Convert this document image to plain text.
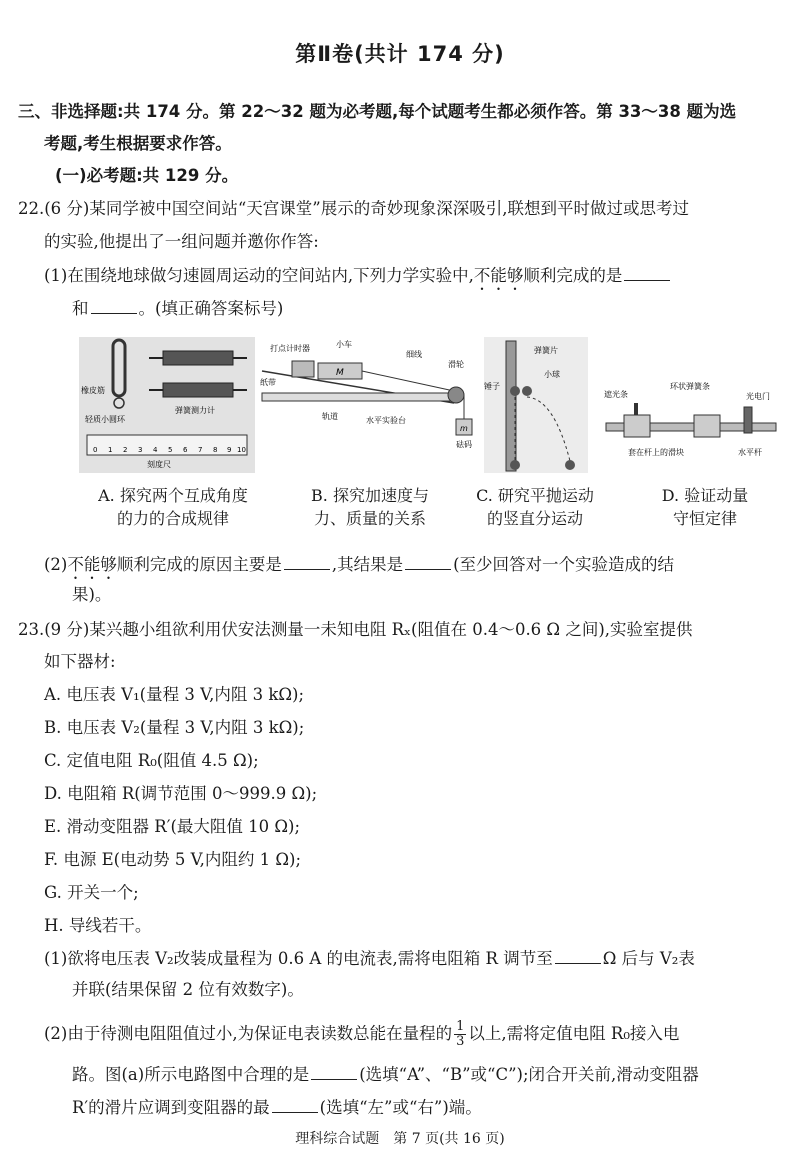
第Ⅱ卷(共计 174 分)
三、非选择题:共 174 分。第 22～32 题为必考题,每个试题考生都必须作答。第 33～38 题为选
考题,考生根据要求作答。
(一)必考题:共 129 分。
22.(6 分)某同学被中国空间站“天宫课堂”展示的奇妙现象深深吸引,联想到平时做过或思考过
的实验,他提出了一组问题并邀你作答:
(1)在围绕地球做匀速圆周运动的空间站内,下列力学实验中,不能够顺利完成的是
和	。(填正确答案标号)
0 1 2 3 4 5 6 7 8 9 10
橡皮筋
轻质小圆环
弹簧测力计
刻度尺
M
m
打点计时器	小车
细线
滑轮
纸带
轨道	水平实验台
砝码
弹簧片
小球
锤子
遮光条
环状弹簧条
光电门
套在杆上的滑块	水平杆
A. 探究两个互成角度
的力的合成规律
B. 探究加速度与
力、质量的关系
C. 研究平抛运动
的竖直分运动
D. 验证动量
守恒定律
(2)不能够顺利完成的原因主要是	,其结果是	(至少回答对一个实验造成的结
果)。
23.(9 分)某兴趣小组欲利用伏安法测量一未知电阻 Rₓ(阻值在 0.4～0.6 Ω 之间),实验室提供
如下器材:
A. 电压表 V₁(量程 3 V,内阻 3 kΩ);
B. 电压表 V₂(量程 3 V,内阻 3 kΩ);
C. 定值电阻 R₀(阻值 4.5 Ω);
D. 电阻箱 R(调节范围 0～999.9 Ω);
E. 滑动变阻器 R′(最大阻值 10 Ω);
F. 电源 E(电动势 5 V,内阻约 1 Ω);
G. 开关一个;
H. 导线若干。
(1)欲将电压表 V₂改装成量程为 0.6 A 的电流表,需将电阻箱 R 调节至	Ω 后与 V₂表
并联(结果保留 2 位有效数字)。
(2)由于待测电阻阻值过小,为保证电表读数总能在量程的 $\frac{1}{3}$ 以上,需将定值电阻 R₀接入电
路。图(a)所示电路图中合理的是	(选填“A”、“B”或“C”);闭合开关前,滑动变阻器
R′的滑片应调到变阻器的最	(选填“左”或“右”)端。
理科综合试题　第 7 页(共 16 页)
